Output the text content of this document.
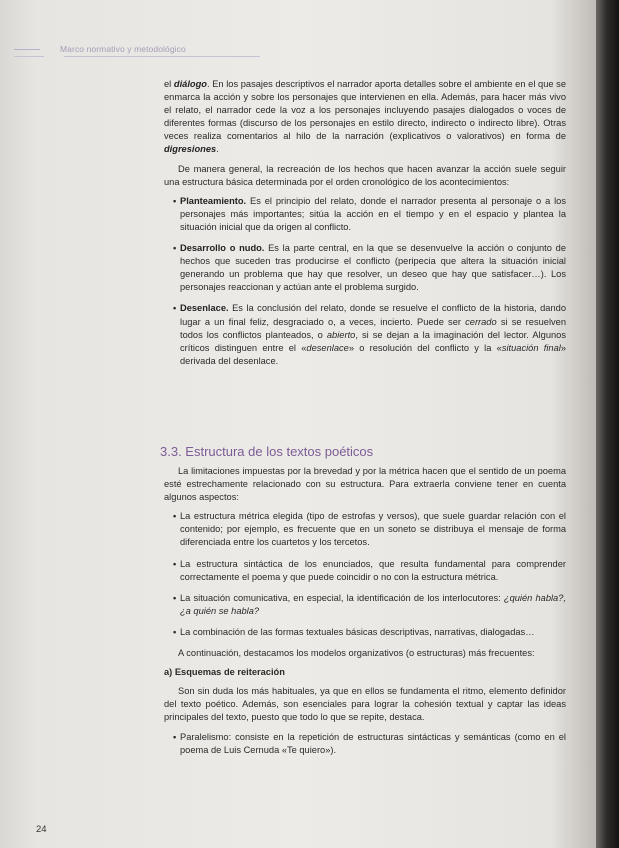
Marco normativo y metodológico

el diálogo. En los pasajes descriptivos el narrador aporta detalles sobre el ambiente en el que se enmarca la acción y sobre los personajes que intervienen en ella. Además, para hacer más vivo el relato, el narrador cede la voz a los personajes incluyendo pasajes dialogados o voces de diferentes formas (discurso de los personajes en estilo directo, indirecto o indirecto libre). Otras veces realiza comentarios al hilo de la narración (explicativos o valorativos) en forma de digresiones.

De manera general, la recreación de los hechos que hacen avanzar la acción suele seguir una estructura básica determinada por el orden cronológico de los acontecimientos:

• Planteamiento. Es el principio del relato, donde el narrador presenta al personaje o a los personajes más importantes; sitúa la acción en el tiempo y en el espacio y plantea la situación inicial que da origen al conflicto.
• Desarrollo o nudo. Es la parte central, en la que se desenvuelve la acción o conjunto de hechos que suceden tras producirse el conflicto (peripecia que altera la situación inicial generando un problema que hay que resolver, un deseo que hay que satisfacer…). Los personajes reaccionan y actúan ante el problema surgido.
• Desenlace. Es la conclusión del relato, donde se resuelve el conflicto de la historia, dando lugar a un final feliz, desgraciado o, a veces, incierto. Puede ser cerrado si se resuelven todos los conflictos planteados, o abierto, si se dejan a la imaginación del lector. Algunos críticos distinguen entre el «desenlace» o resolución del conflicto y la «situación final» derivada del desenlace.
3.3. Estructura de los textos poéticos

La limitaciones impuestas por la brevedad y por la métrica hacen que el sentido de un poema esté estrechamente relacionado con su estructura. Para extraerla conviene tener en cuenta algunos aspectos:

• La estructura métrica elegida (tipo de estrofas y versos), que suele guardar relación con el contenido; por ejemplo, es frecuente que en un soneto se distribuya el mensaje de forma diferenciada entre los cuartetos y los tercetos.
• La estructura sintáctica de los enunciados, que resulta fundamental para comprender correctamente el poema y que puede coincidir o no con la estructura métrica.
• La situación comunicativa, en especial, la identificación de los interlocutores: ¿quién habla?, ¿a quién se habla?
• La combinación de las formas textuales básicas descriptivas, narrativas, dialogadas…

A continuación, destacamos los modelos organizativos (o estructuras) más frecuentes:

a) Esquemas de reiteración

Son sin duda los más habituales, ya que en ellos se fundamenta el ritmo, elemento definidor del texto poético. Además, son esenciales para lograr la cohesión textual y captar las ideas principales del texto, puesto que todo lo que se repite, destaca.

• Paralelismo: consiste en la repetición de estructuras sintácticas y semánticas (como en el poema de Luis Cernuda «Te quiero»).
24
